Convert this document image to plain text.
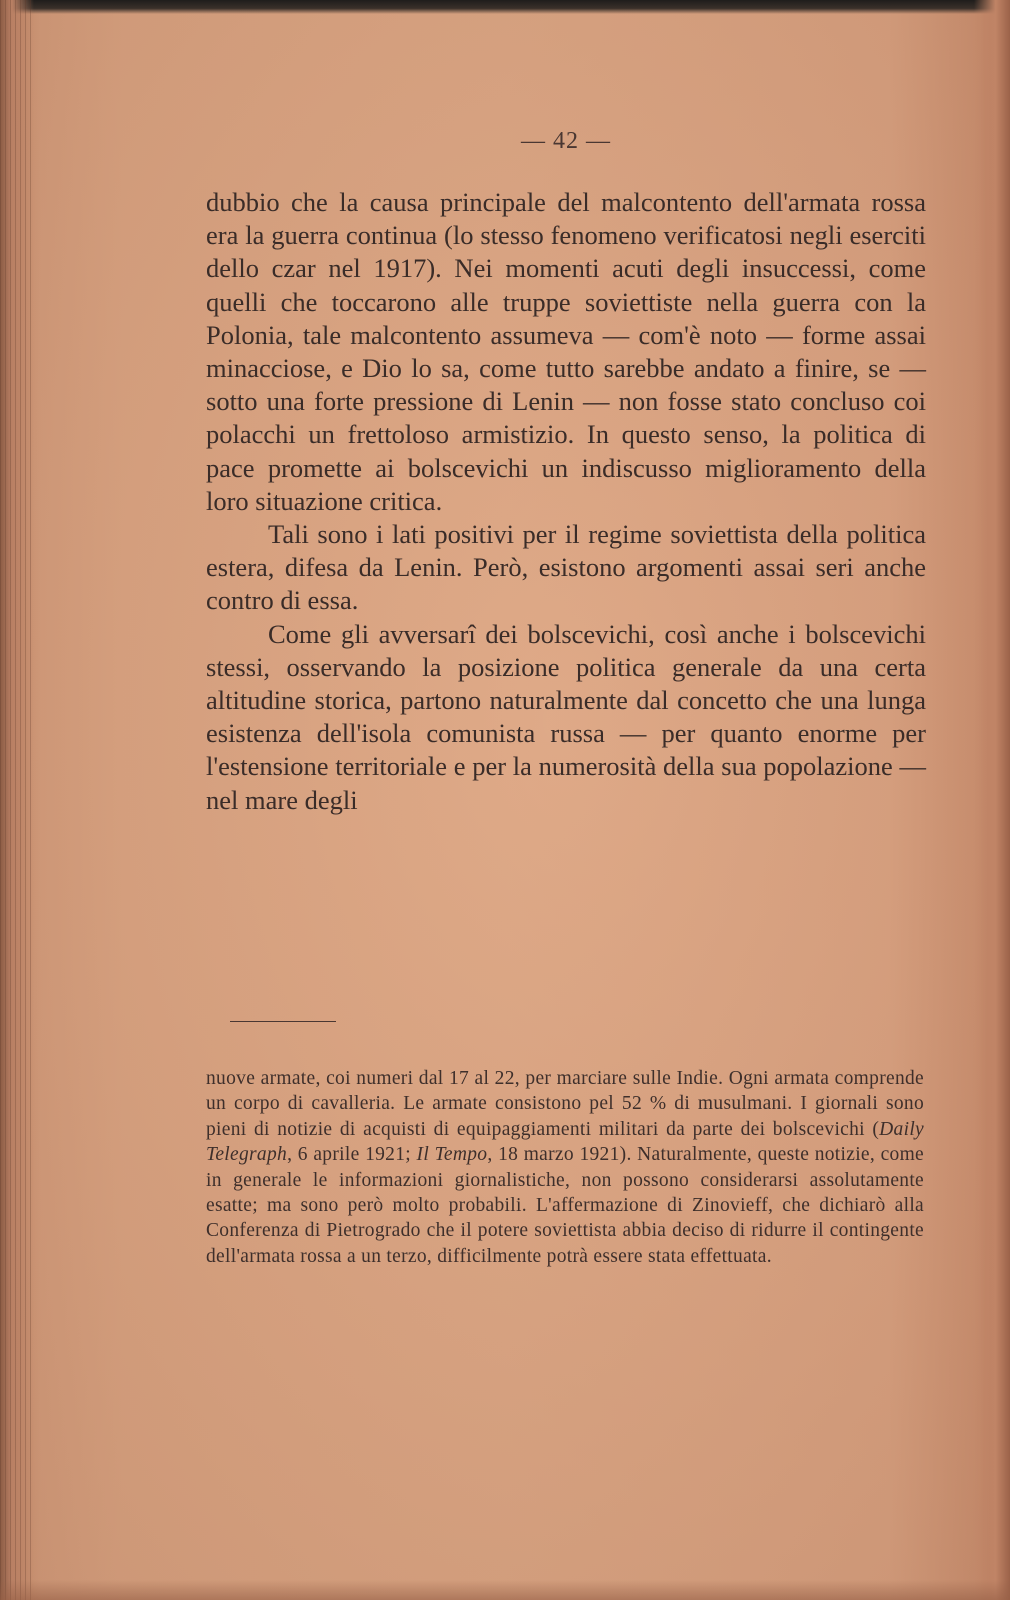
— 42 —

dubbio che la causa principale del malcontento dell'armata rossa era la guerra continua (lo stesso fenomeno verificatosi negli eserciti dello czar nel 1917). Nei momenti acuti degli insuccessi, come quelli che toccarono alle truppe soviettiste nella guerra con la Polonia, tale malcontento assumeva — com'è noto — forme assai minacciose, e Dio lo sa, come tutto sarebbe andato a finire, se — sotto una forte pressione di Lenin — non fosse stato concluso coi polacchi un frettoloso armistizio. In questo senso, la politica di pace promette ai bolscevichi un indiscusso miglioramento della loro situazione critica.

Tali sono i lati positivi per il regime soviettista della politica estera, difesa da Lenin. Però, esistono argomenti assai seri anche contro di essa.

Come gli avversarî dei bolscevichi, così anche i bolscevichi stessi, osservando la posizione politica generale da una certa altitudine storica, partono naturalmente dal concetto che una lunga esistenza dell'isola comunista russa — per quanto enorme per l'estensione territoriale e per la numerosità della sua popolazione — nel mare degli

nuove armate, coi numeri dal 17 al 22, per marciare sulle Indie. Ogni armata comprende un corpo di cavalleria. Le armate consistono pel 52 % di musulmani. I giornali sono pieni di notizie di acquisti di equipaggiamenti militari da parte dei bolscevichi (Daily Telegraph, 6 aprile 1921; Il Tempo, 18 marzo 1921). Naturalmente, queste notizie, come in generale le informazioni giornalistiche, non possono considerarsi assolutamente esatte; ma sono però molto probabili. L'affermazione di Zinovieff, che dichiarò alla Conferenza di Pietrogrado che il potere soviettista abbia deciso di ridurre il contingente dell'armata rossa a un terzo, difficilmente potrà essere stata effettuata.
